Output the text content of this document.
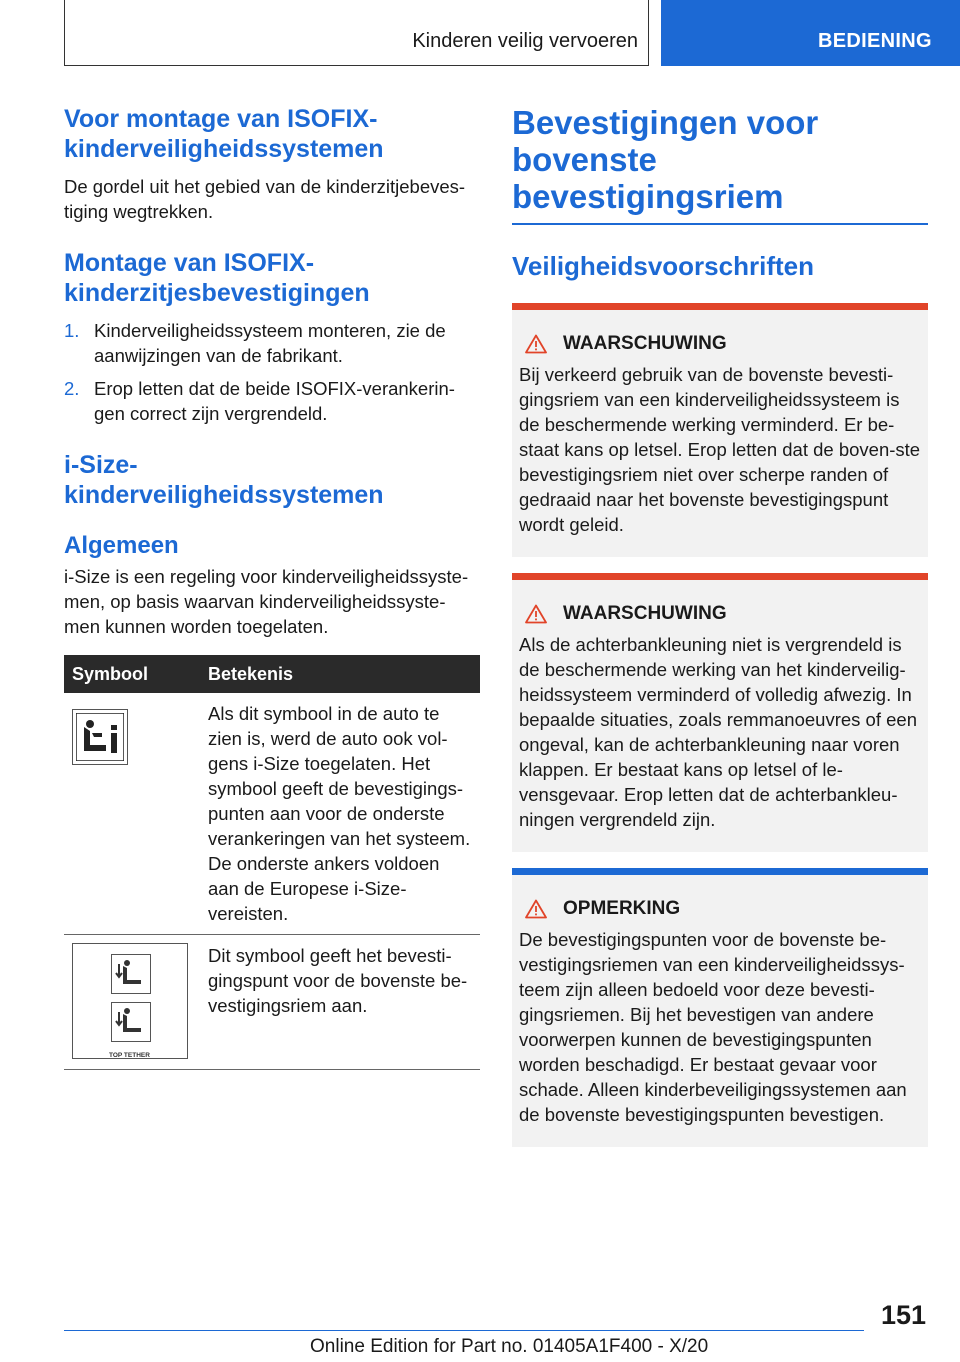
Kinderen veilig vervoeren	BEDIENING
Voor montage van ISOFIX-kinderveiligheidssystemen
De gordel uit het gebied van de kinderzitjebeves-tiging wegtrekken.
Montage van ISOFIX-kinderzitjesbevestigingen
1. Kinderveiligheidssysteem monteren, zie de aanwijzingen van de fabrikant.
2. Erop letten dat de beide ISOFIX-verankerin-gen correct zijn vergrendeld.
i-Size-kinderveiligheidssystemen
Algemeen
i-Size is een regeling voor kinderveiligheidssyste-men, op basis waarvan kinderveiligheidssyste-men kunnen worden toegelaten.
Symbool	Betekenis

	Als dit symbool in de auto te zien is, werd de auto ook vol-gens i-Size toegelaten. Het symbool geeft de bevestigings-punten aan voor de onderste verankeringen van het systeem. De onderste ankers voldoen aan de Europese i-Size-vereisten.

TOP TETHER	Dit symbool geeft het bevesti-gingspunt voor de bovenste be-vestigingsriem aan.
Bevestigingen voor bovenste bevestigingsriem
Veiligheidsvoorschriften
WAARSCHUWING
Bij verkeerd gebruik van de bovenste bevesti-gingsriem van een kinderveiligheidssysteem is de beschermende werking verminderd. Er be-staat kans op letsel. Erop letten dat de boven-ste bevestigingsriem niet over scherpe randen of gedraaid naar het bovenste bevestigingspunt wordt geleid.
WAARSCHUWING
Als de achterbankleuning niet is vergrendeld is de beschermende werking van het kinderveilig-heidssysteem verminderd of volledig afwezig. In bepaalde situaties, zoals remmanoeuvres of een ongeval, kan de achterbankleuning naar voren klappen. Er bestaat kans op letsel of le-vensgevaar. Erop letten dat de achterbankleu-ningen vergrendeld zijn.
OPMERKING
De bevestigingspunten voor de bovenste be-vestigingsriemen van een kinderveiligheidssys-teem zijn alleen bedoeld voor deze bevesti-gingsriemen. Bij het bevestigen van andere voorwerpen kunnen de bevestigingspunten worden beschadigd. Er bestaat gevaar voor schade. Alleen kinderbeveiligingssystemen aan de bovenste bevestigingspunten bevestigen.
151
Online Edition for Part no. 01405A1F400 - X/20
